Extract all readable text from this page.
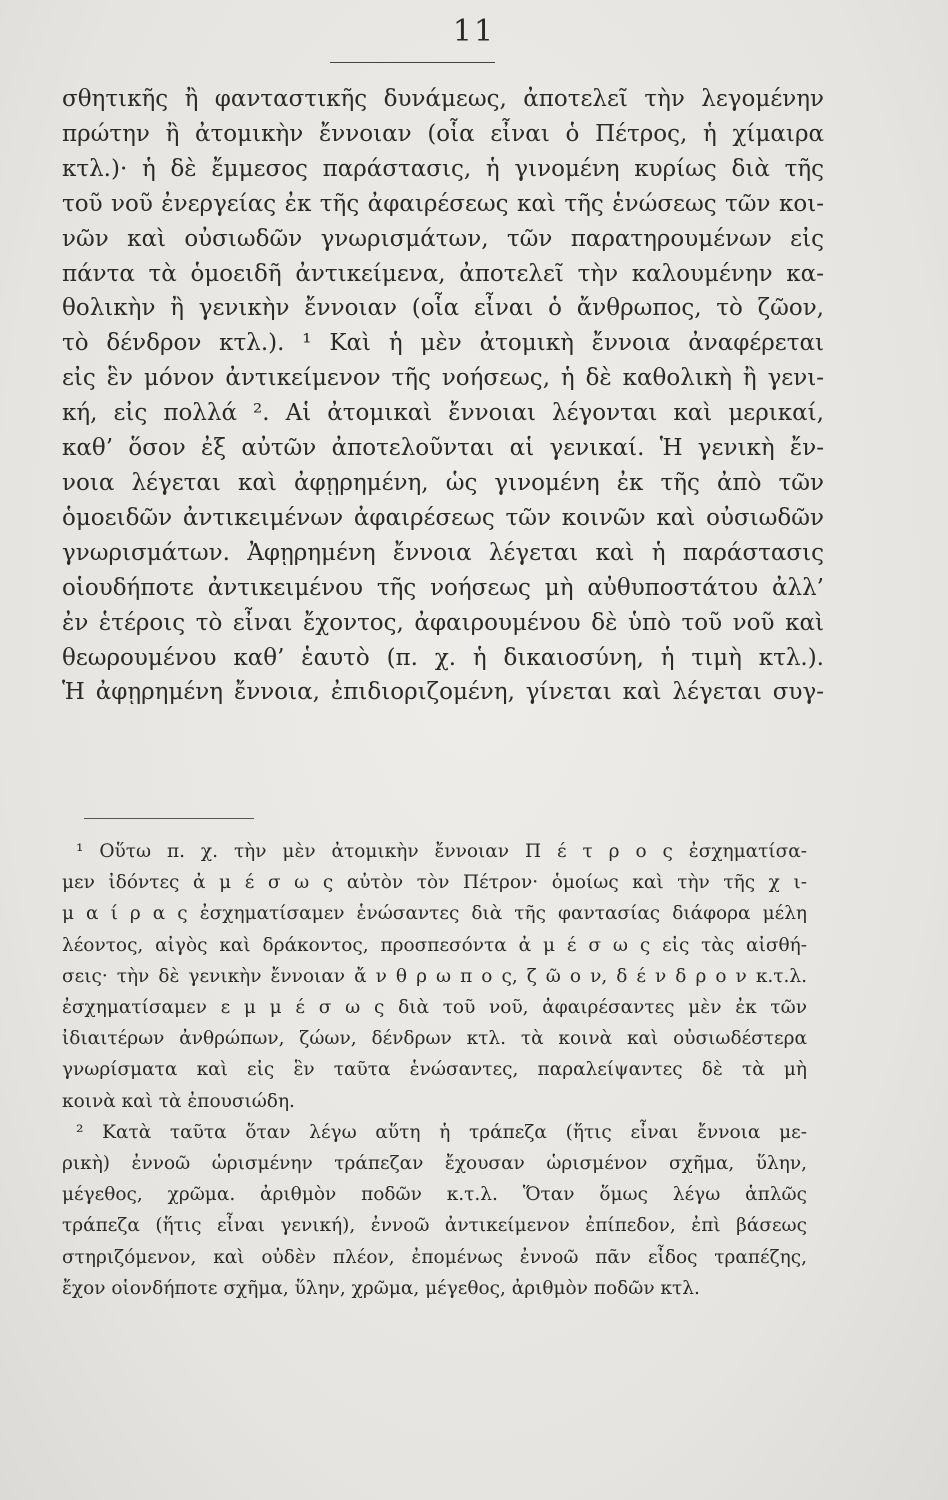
11
σθητικῆς ἢ φανταστικῆς δυνάμεως, ἀποτελεῖ τὴν λεγομένην
πρώτην ἢ ἀτομικὴν ἔννοιαν (οἷα εἶναι ὁ Πέτρος, ἡ χίμαιρα
κτλ.)· ἡ δὲ ἔμμεσος παράστασις, ἡ γινομένη κυρίως διὰ τῆς
τοῦ νοῦ ἐνεργείας ἐκ τῆς ἀφαιρέσεως καὶ τῆς ἑνώσεως τῶν κοι-
νῶν καὶ οὐσιωδῶν γνωρισμάτων, τῶν παρατηρουμένων εἰς
πάντα τὰ ὁμοειδῆ ἀντικείμενα, ἀποτελεῖ τὴν καλουμένην κα-
θολικὴν ἢ γενικὴν ἔννοιαν (οἷα εἶναι ὁ ἄνθρωπος, τὸ ζῶον,
τὸ δένδρον κτλ.). ¹ Καὶ ἡ μὲν ἀτομικὴ ἔννοια ἀναφέρεται
εἰς ἓν μόνον ἀντικείμενον τῆς νοήσεως, ἡ δὲ καθολικὴ ἢ γενι-
κή, εἰς πολλά ². Αἱ ἀτομικαὶ ἔννοιαι λέγονται καὶ μερικαί,
καθ’ ὅσον ἐξ αὐτῶν ἀποτελοῦνται αἱ γενικαί. Ἡ γενικὴ ἔν-
νοια λέγεται καὶ ἀφῃρημένη, ὡς γινομένη ἐκ τῆς ἀπὸ τῶν
ὁμοειδῶν ἀντικειμένων ἀφαιρέσεως τῶν κοινῶν καὶ οὐσιωδῶν
γνωρισμάτων. Ἀφῃρημένη ἔννοια λέγεται καὶ ἡ παράστασις
οἱουδήποτε ἀντικειμένου τῆς νοήσεως μὴ αὐθυποστάτου ἀλλ’
ἐν ἑτέροις τὸ εἶναι ἔχοντος, ἀφαιρουμένου δὲ ὑπὸ τοῦ νοῦ καὶ
θεωρουμένου καθ’ ἑαυτὸ (π. χ. ἡ δικαιοσύνη, ἡ τιμὴ κτλ.).
Ἡ ἀφῃρημένη ἔννοια, ἐπιδιοριζομένη, γίνεται καὶ λέγεται συγ-
¹ Οὕτω π. χ. τὴν μὲν ἀτομικὴν ἔννοιαν Π έ τ ρ ο ς ἐσχηματίσα-
μεν ἰδόντες ἀ μ έ σ ω ς αὐτὸν τὸν Πέτρον· ὁμοίως καὶ τὴν τῆς χ ι-
μ α ί ρ α ς ἐσχηματίσαμεν ἑνώσαντες διὰ τῆς φαντασίας διάφορα μέλη
λέοντος, αἰγὸς καὶ δράκοντος, προσπεσόντα ἀ μ έ σ ω ς εἰς τὰς αἰσθή-
σεις· τὴν δὲ γενικὴν ἔννοιαν ἄ ν θ ρ ω π ο ς, ζ ῶ ο ν, δ έ ν δ ρ ο ν κ.τ.λ.
ἐσχηματίσαμεν ε μ μ έ σ ω ς διὰ τοῦ νοῦ, ἀφαιρέσαντες μὲν ἐκ τῶν
ἰδιαιτέρων ἀνθρώπων, ζώων, δένδρων κτλ. τὰ κοινὰ καὶ οὐσιωδέστερα
γνωρίσματα καὶ εἰς ἓν ταῦτα ἑνώσαντες, παραλείψαντες δὲ τὰ μὴ
κοινὰ καὶ τὰ ἐπουσιώδη.
² Κατὰ ταῦτα ὅταν λέγω αὕτη ἡ τράπεζα (ἥτις εἶναι ἔννοια με-
ρικὴ) ἐννοῶ ὡρισμένην τράπεζαν ἔχουσαν ὡρισμένον σχῆμα, ὕλην,
μέγεθος, χρῶμα. ἀριθμὸν ποδῶν κ.τ.λ. Ὅταν ὅμως λέγω ἁπλῶς
τράπεζα (ἥτις εἶναι γενική), ἐννοῶ ἀντικείμενον ἐπίπεδον, ἐπὶ βάσεως
στηριζόμενον, καὶ οὐδὲν πλέον, ἐπομένως ἐννοῶ πᾶν εἶδος τραπέζης,
ἔχον οἱονδήποτε σχῆμα, ὕλην, χρῶμα, μέγεθος, ἀριθμὸν ποδῶν κτλ.
